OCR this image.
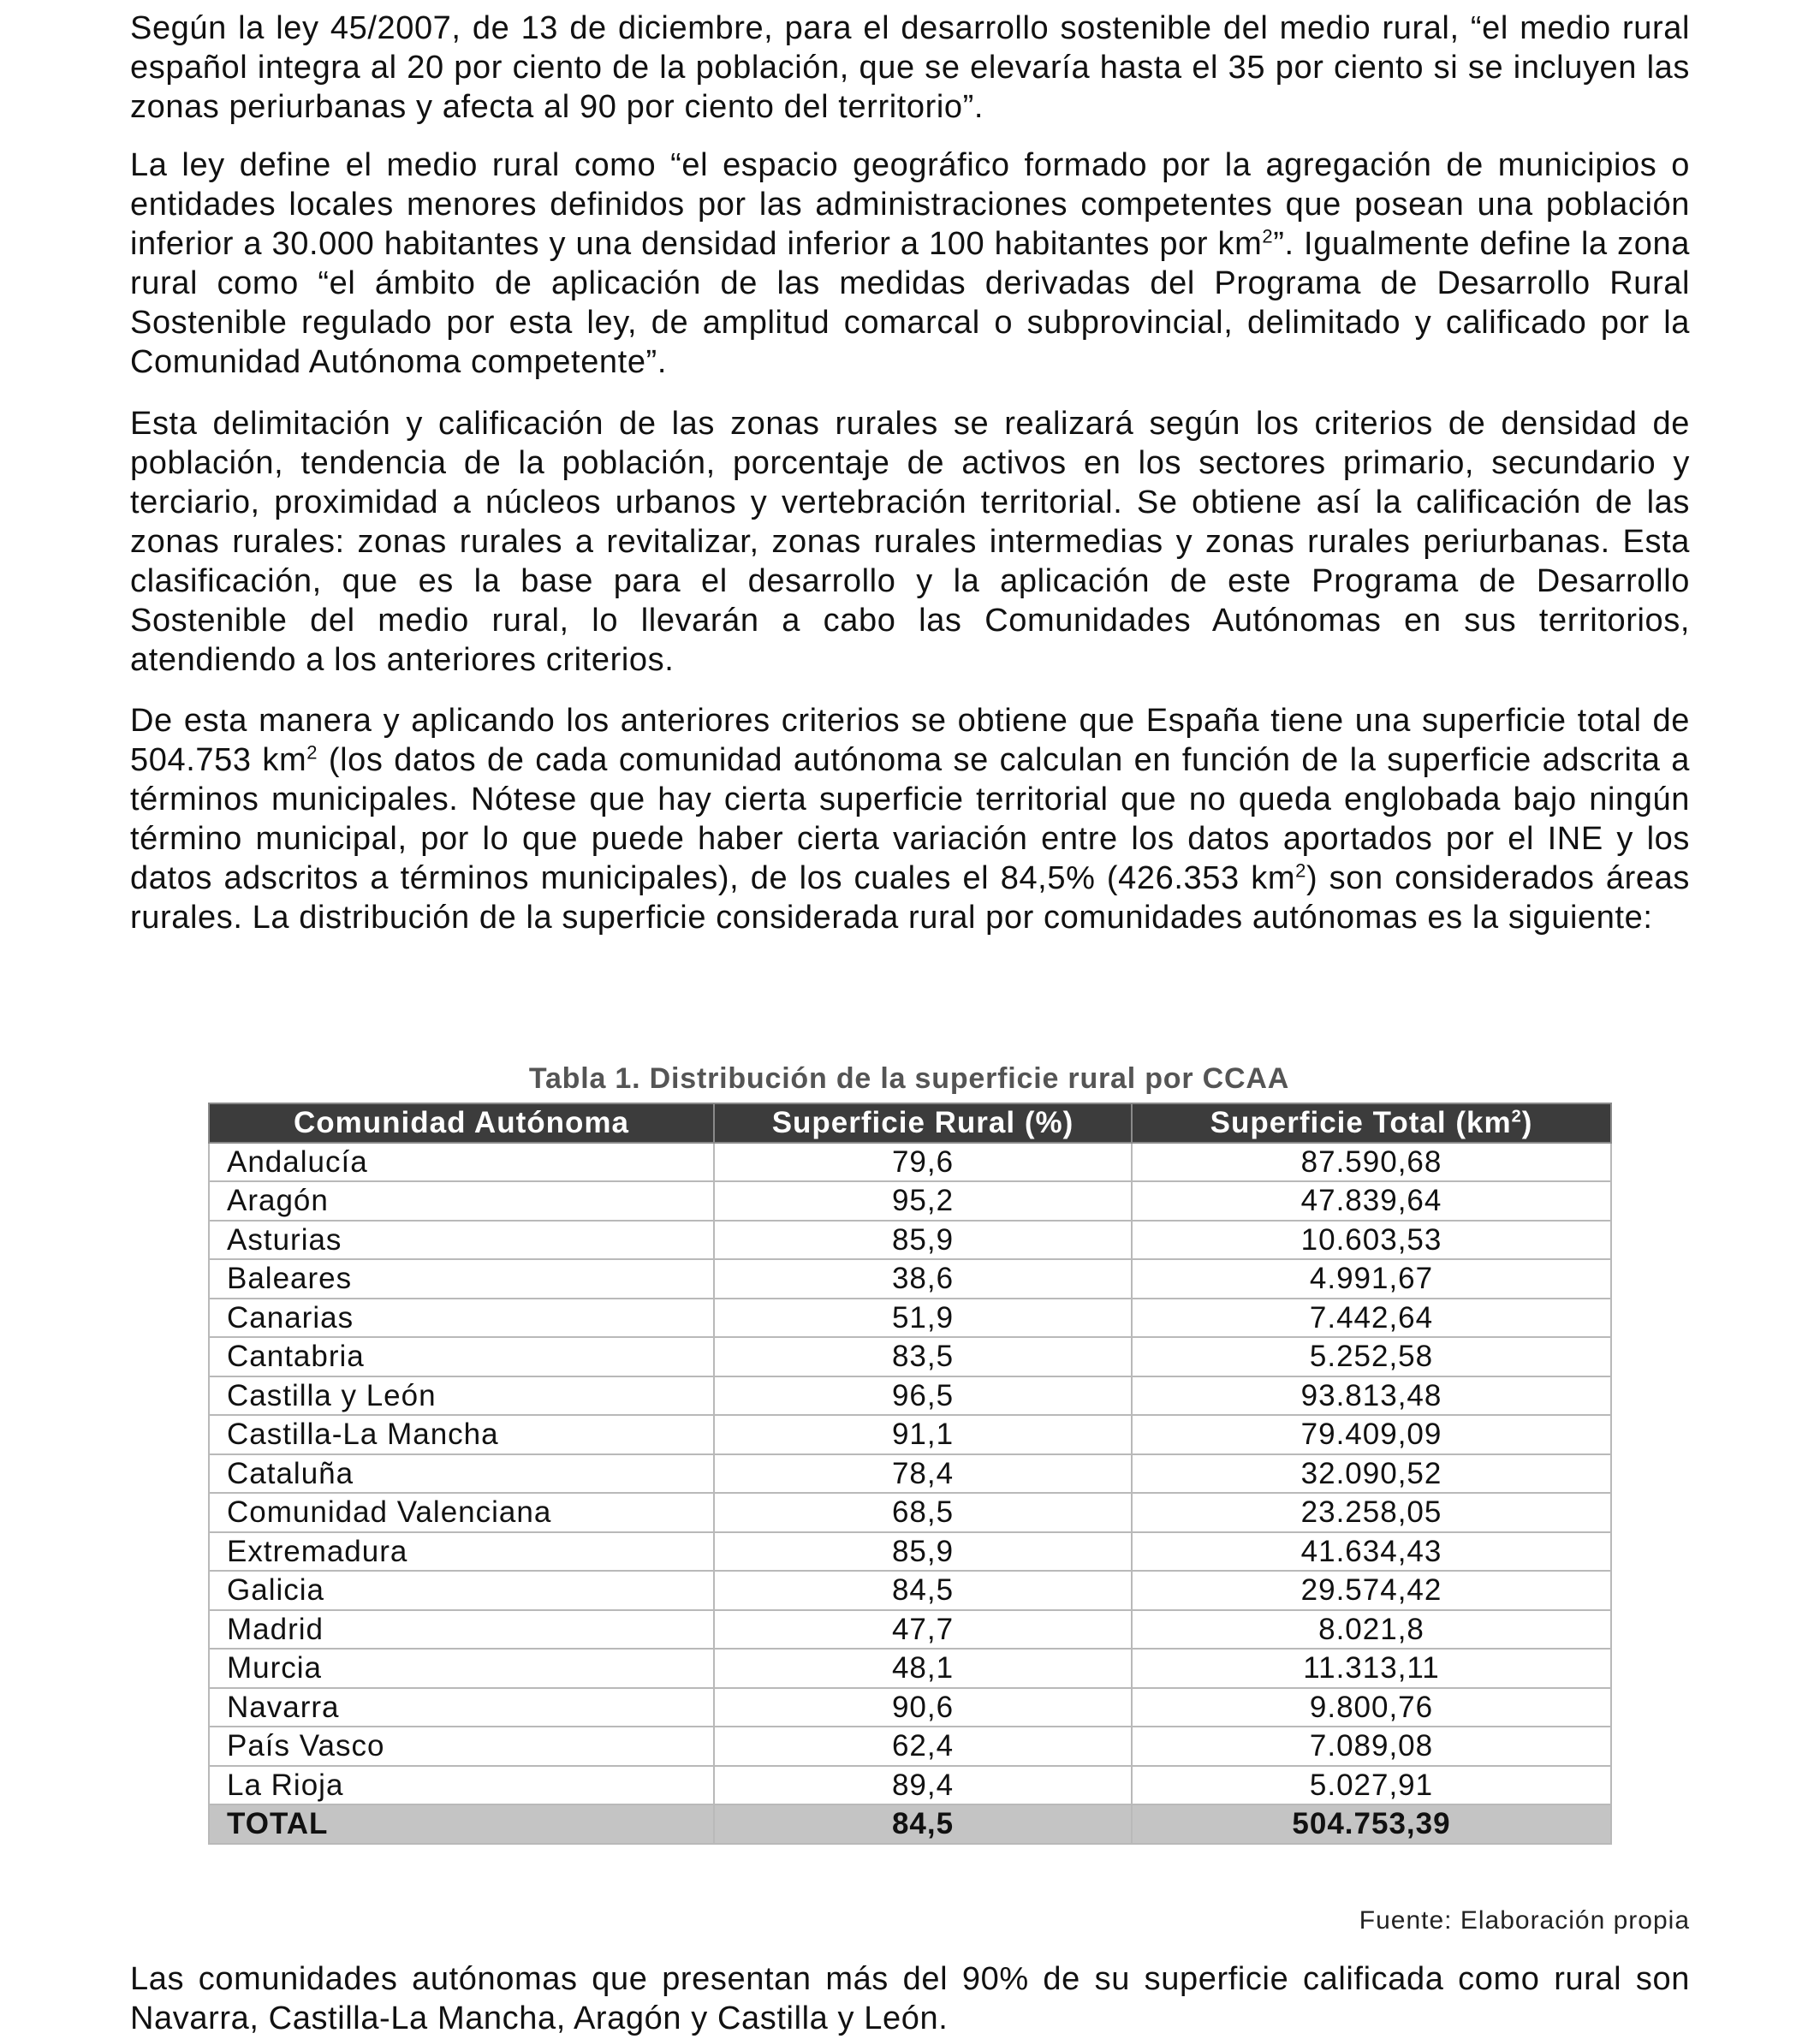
Según la ley 45/2007, de 13 de diciembre, para el desarrollo sostenible del medio rural, “el medio rural español integra al 20 por ciento de la población, que se elevaría hasta el 35 por ciento si se incluyen las zonas periurbanas y afecta al 90 por ciento del territorio”.

La ley define el medio rural como “el espacio geográfico formado por la agregación de municipios o entidades locales menores definidos por las administraciones competentes que posean una población inferior a 30.000 habitantes y una densidad inferior a 100 habitantes por $km^2$”. Igualmente define la zona rural como “el ámbito de aplicación de las medidas derivadas del Programa de Desarrollo Rural Sostenible regulado por esta ley, de amplitud comarcal o subprovincial, delimitado y calificado por la Comunidad Autónoma competente”.

Esta delimitación y calificación de las zonas rurales se realizará según los criterios de densidad de población, tendencia de la población, porcentaje de activos en los sectores primario, secundario y terciario, proximidad a núcleos urbanos y vertebración territorial. Se obtiene así la calificación de las zonas rurales: zonas rurales a revitalizar, zonas rurales intermedias y zonas rurales periurbanas. Esta clasificación, que es la base para el desarrollo y la aplicación de este Programa de Desarrollo Sostenible del medio rural, lo llevarán a cabo las Comunidades Autónomas en sus territorios, atendiendo a los anteriores criterios.

De esta manera y aplicando los anteriores criterios se obtiene que España tiene una superficie total de 504.753 $km^2$ (los datos de cada comunidad autónoma se calculan en función de la superficie adscrita a términos municipales. Nótese que hay cierta superficie territorial que no queda englobada bajo ningún término municipal, por lo que puede haber cierta variación entre los datos aportados por el INE y los datos adscritos a términos municipales), de los cuales el 84,5% (426.353 $km^2$) son considerados áreas rurales. La distribución de la superficie considerada rural por comunidades autónomas es la siguiente:

Tabla 1. Distribución de la superficie rural por CCAA
Comunidad Autónoma	Superficie Rural (%)	Superficie Total $(km^2)$
Andalucía	79,6	87.590,68
Aragón	95,2	47.839,64
Asturias	85,9	10.603,53
Baleares	38,6	4.991,67
Canarias	51,9	7.442,64
Cantabria	83,5	5.252,58
Castilla y León	96,5	93.813,48
Castilla-La Mancha	91,1	79.409,09
Cataluña	78,4	32.090,52
Comunidad Valenciana	68,5	23.258,05
Extremadura	85,9	41.634,43
Galicia	84,5	29.574,42
Madrid	47,7	8.021,8
Murcia	48,1	11.313,11
Navarra	90,6	9.800,76
País Vasco	62,4	7.089,08
La Rioja	89,4	5.027,91
TOTAL	84,5	504.753,39
Fuente: Elaboración propia

Las comunidades autónomas que presentan más del 90% de su superficie calificada como rural son Navarra, Castilla-La Mancha, Aragón y Castilla y León.
